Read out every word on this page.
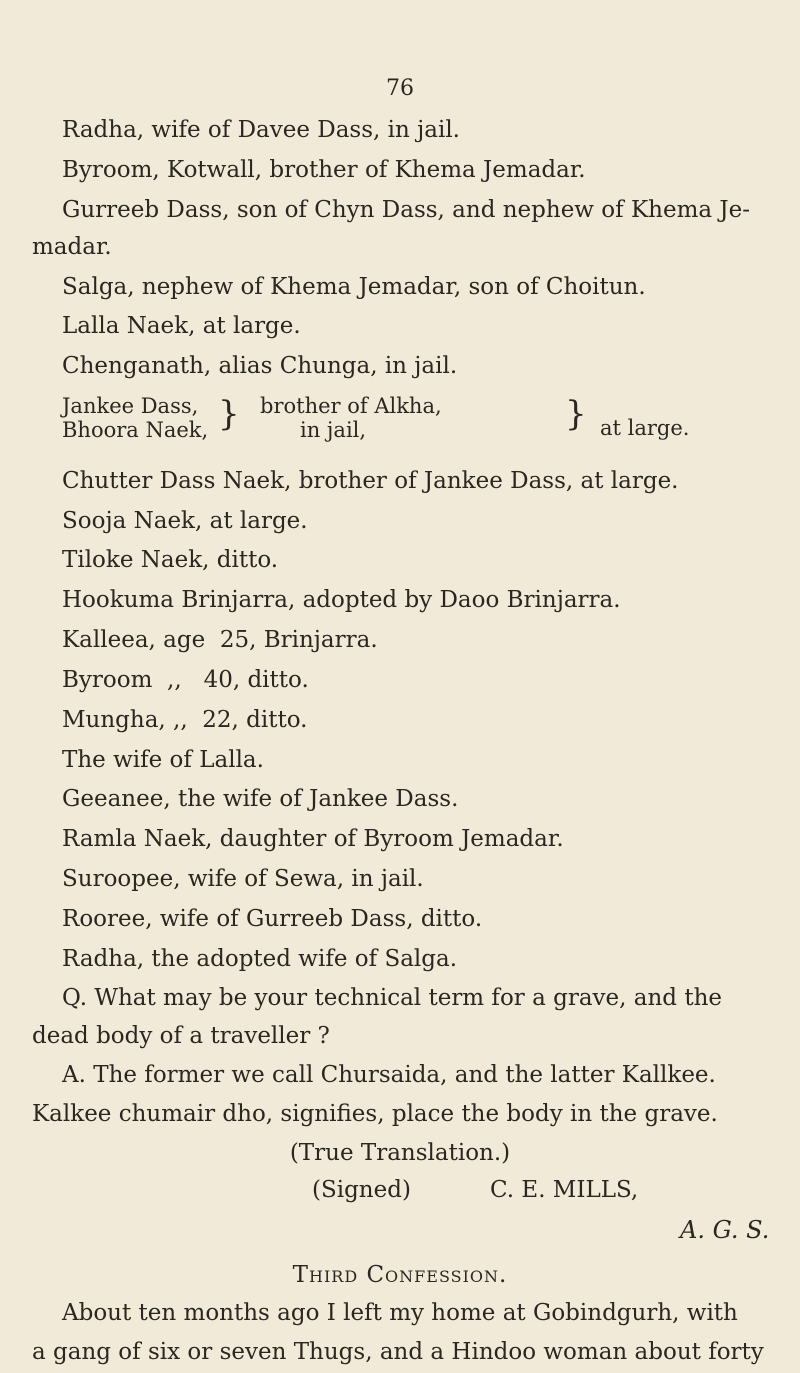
76
Radha, wife of Davee Dass, in jail.
Byroom, Kotwall, brother of Khema Jemadar.
Gurreeb Dass, son of Chyn Dass, and nephew of Khema Je-
madar.
Salga, nephew of Khema Jemadar, son of Choitun.
Lalla Naek, at large.
Chenganath, alias Chunga, in jail.
Jankee Dass,
Bhoora Naek, } brother of Alkha,
in jail,	} at large.
Chutter Dass Naek, brother of Jankee Dass, at large.
Sooja Naek, at large.
Tiloke Naek, ditto.
Hookuma Brinjarra, adopted by Daoo Brinjarra.
Kalleea, age  25, Brinjarra.
Byroom  ,,   40, ditto.
Mungha, ,,  22, ditto.
The wife of Lalla.
Geeanee, the wife of Jankee Dass.
Ramla Naek, daughter of Byroom Jemadar.
Suroopee, wife of Sewa, in jail.
Rooree, wife of Gurreeb Dass, ditto.
Radha, the adopted wife of Salga.
Q. What may be your technical term for a grave, and the
dead body of a traveller ?
A. The former we call Chursaida, and the latter Kallkee.
Kalkee chumair dho, signifies, place the body in the grave.
(True Translation.)
(Signed)	C. E. MILLS,
A. G. S.
Third Confession.
About ten months ago I left my home at Gobindgurh, with
a gang of six or seven Thugs, and a Hindoo woman about forty
